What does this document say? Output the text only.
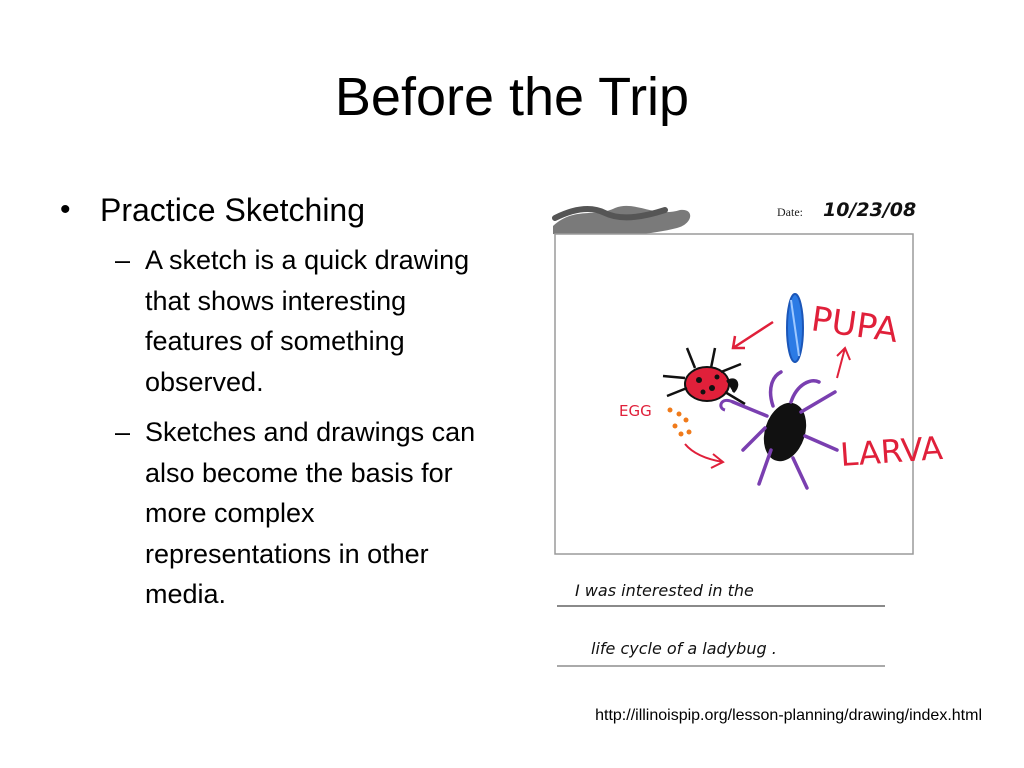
Before the Trip
• Practice Sketching
– A sketch is a quick drawing that shows interesting features of something observed.
– Sketches and drawings can also become the basis for more complex representations in other media.
Date: 10/23/08
PUPA
EGG
LARVA
I was interested in the
life cycle of a ladybug .
http://illinoispip.org/lesson-planning/drawing/index.html
